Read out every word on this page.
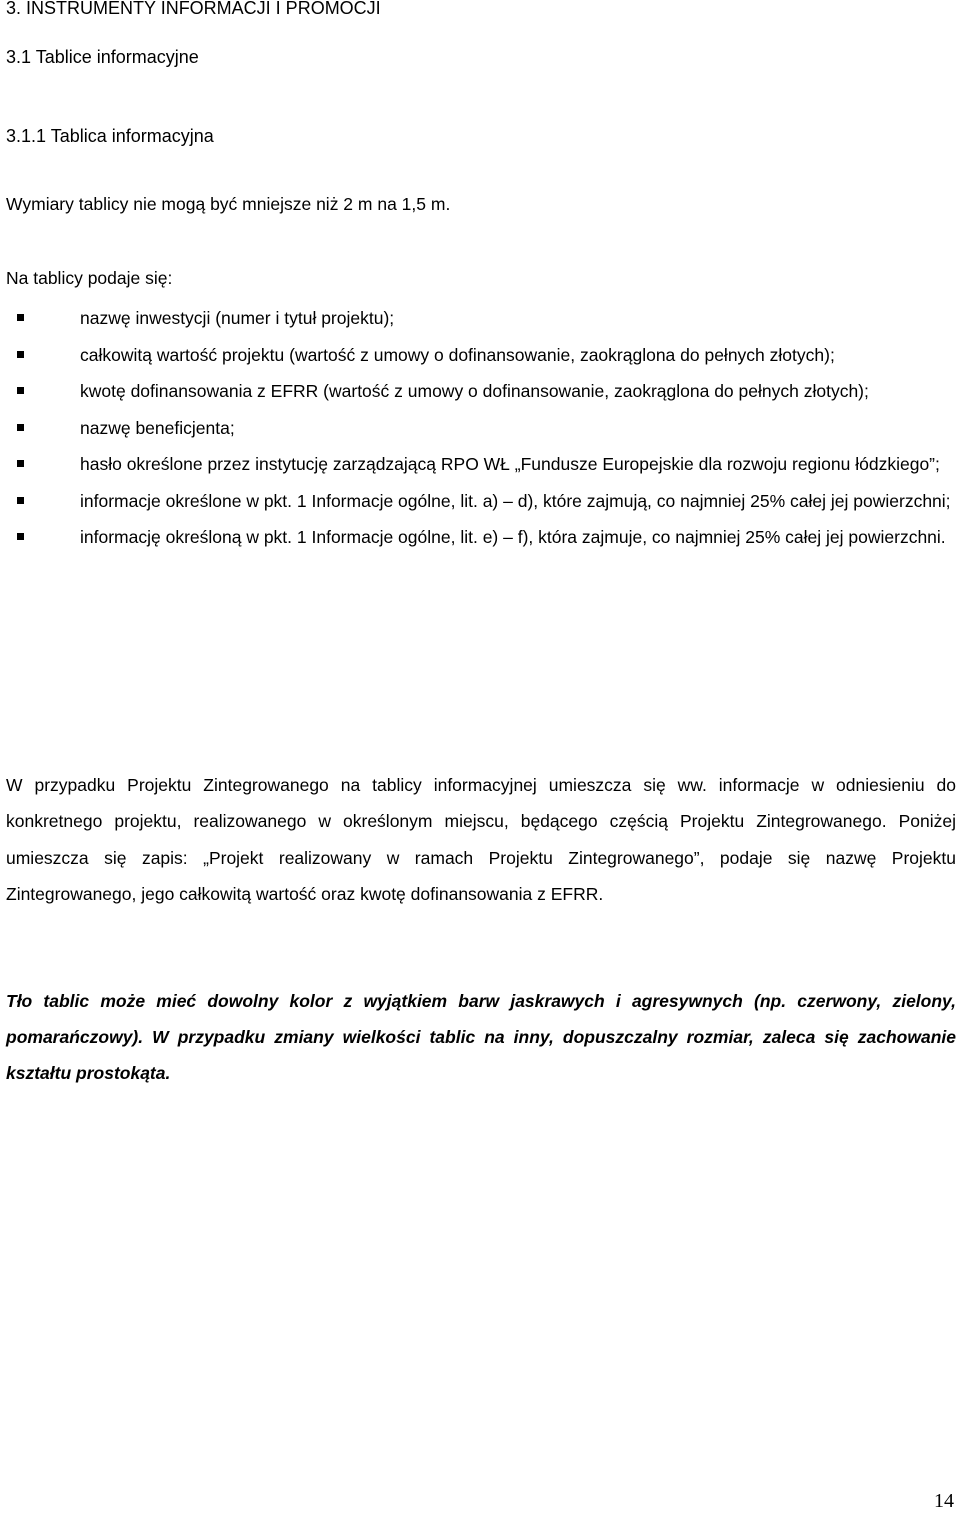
3. INSTRUMENTY INFORMACJI I PROMOCJI
3.1 Tablice informacyjne
3.1.1 Tablica informacyjna
Wymiary tablicy nie mogą być mniejsze niż 2 m na 1,5 m.
Na tablicy podaje się:
nazwę inwestycji (numer i tytuł projektu);
całkowitą wartość projektu (wartość z umowy o dofinansowanie, zaokrąglona do pełnych złotych);
kwotę dofinansowania z EFRR (wartość z umowy o dofinansowanie, zaokrąglona do pełnych złotych);
nazwę beneficjenta;
hasło określone przez instytucję zarządzającą RPO WŁ „Fundusze Europejskie dla rozwoju regionu łódzkiego”;
informacje określone w pkt. 1 Informacje ogólne, lit. a) – d), które zajmują, co najmniej 25% całej jej powierzchni;
informację określoną w pkt. 1 Informacje ogólne, lit. e) – f), która zajmuje, co najmniej 25% całej jej powierzchni.
W przypadku Projektu Zintegrowanego na tablicy informacyjnej umieszcza się ww. informacje w odniesieniu do konkretnego projektu, realizowanego w określonym miejscu, będącego częścią Projektu Zintegrowanego. Poniżej umieszcza się zapis: „Projekt realizowany w ramach Projektu Zintegrowanego”, podaje się nazwę Projektu Zintegrowanego, jego całkowitą wartość oraz kwotę dofinansowania z EFRR.
Tło tablic może mieć dowolny kolor z wyjątkiem barw jaskrawych i agresywnych (np. czerwony, zielony, pomarańczowy). W przypadku zmiany wielkości tablic na inny, dopuszczalny rozmiar, zaleca się zachowanie kształtu prostokąta.
14
